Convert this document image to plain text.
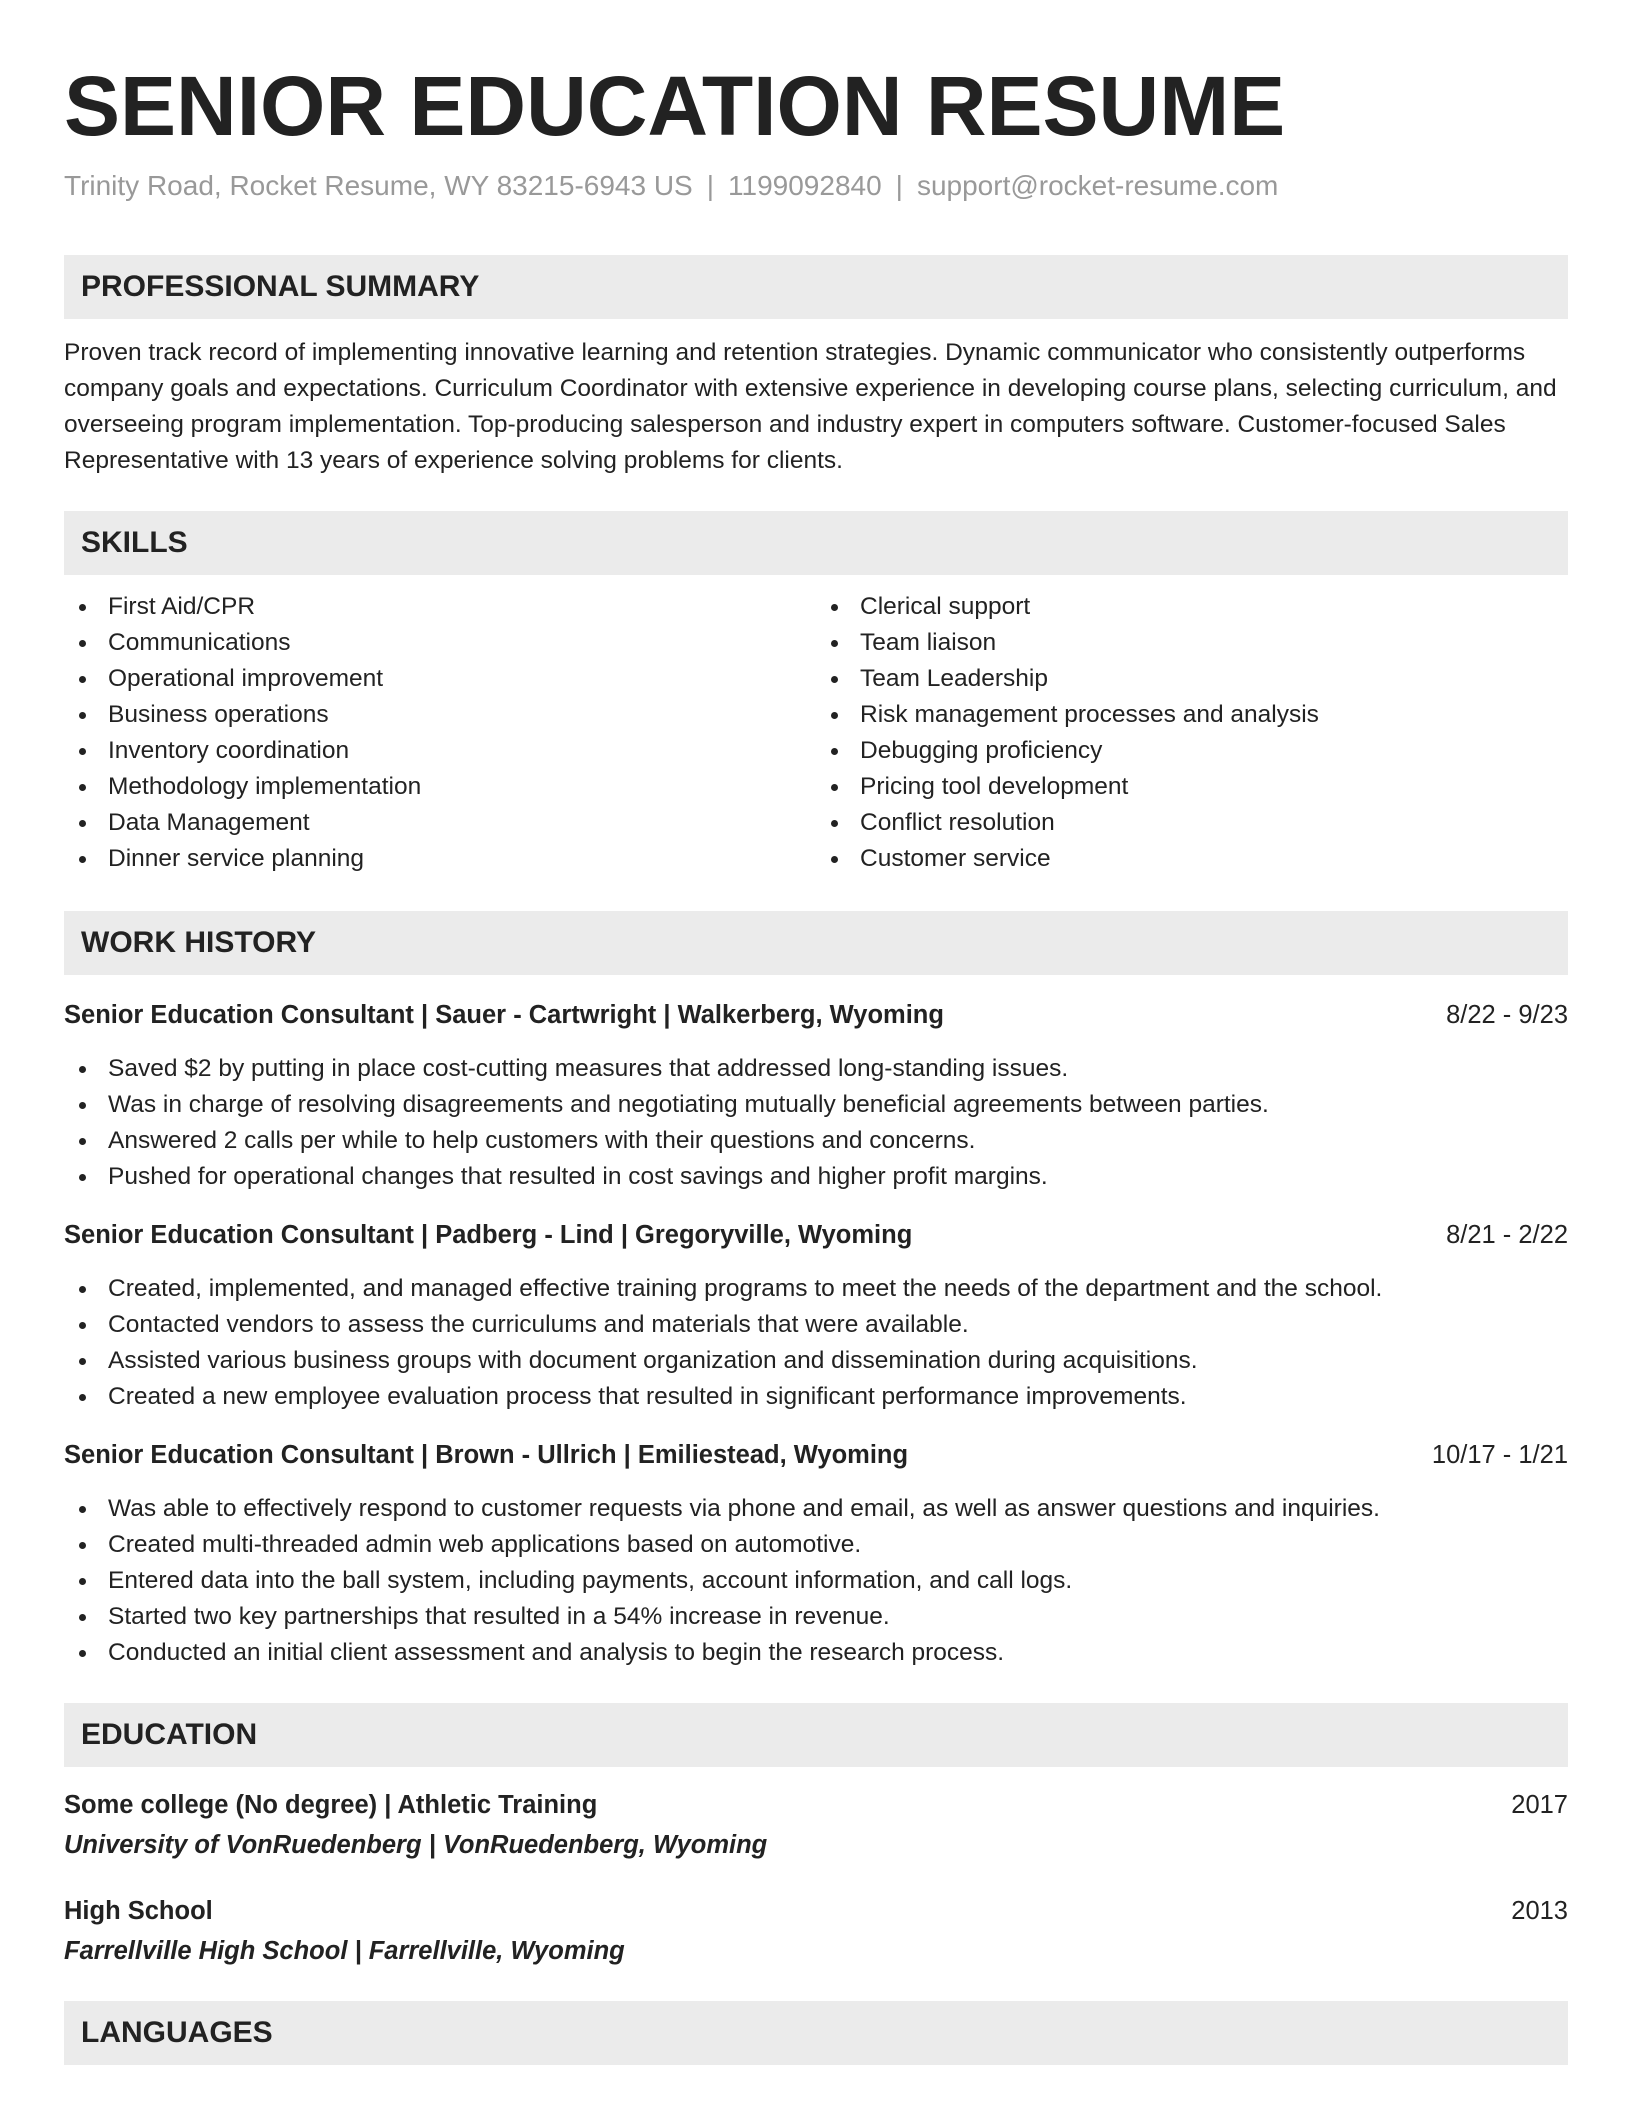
SENIOR EDUCATION RESUME
Trinity Road, Rocket Resume, WY 83215-6943 US | 1199092840 | support@rocket-resume.com
PROFESSIONAL SUMMARY

Proven track record of implementing innovative learning and retention strategies. Dynamic communicator who consistently outperforms company goals and expectations. Curriculum Coordinator with extensive experience in developing course plans, selecting curriculum, and overseeing program implementation. Top-producing salesperson and industry expert in computers software. Customer-focused Sales Representative with 13 years of experience solving problems for clients.

SKILLS
First Aid/CPR
Communications
Operational improvement
Business operations
Inventory coordination
Methodology implementation
Data Management
Dinner service planning
Clerical support
Team liaison
Team Leadership
Risk management processes and analysis
Debugging proficiency
Pricing tool development
Conflict resolution
Customer service
WORK HISTORY
Senior Education Consultant | Sauer - Cartwright | Walkerberg, Wyoming	8/22 - 9/23
Saved $2 by putting in place cost-cutting measures that addressed long-standing issues.
Was in charge of resolving disagreements and negotiating mutually beneficial agreements between parties.
Answered 2 calls per while to help customers with their questions and concerns.
Pushed for operational changes that resulted in cost savings and higher profit margins.
Senior Education Consultant | Padberg - Lind | Gregoryville, Wyoming	8/21 - 2/22
Created, implemented, and managed effective training programs to meet the needs of the department and the school.
Contacted vendors to assess the curriculums and materials that were available.
Assisted various business groups with document organization and dissemination during acquisitions.
Created a new employee evaluation process that resulted in significant performance improvements.
Senior Education Consultant | Brown - Ullrich | Emiliestead, Wyoming	10/17 - 1/21
Was able to effectively respond to customer requests via phone and email, as well as answer questions and inquiries.
Created multi-threaded admin web applications based on automotive.
Entered data into the ball system, including payments, account information, and call logs.
Started two key partnerships that resulted in a 54% increase in revenue.
Conducted an initial client assessment and analysis to begin the research process.
EDUCATION
Some college (No degree) | Athletic Training	2017
University of VonRuedenberg | VonRuedenberg, Wyoming
High School	2013
Farrellville High School | Farrellville, Wyoming
LANGUAGES
